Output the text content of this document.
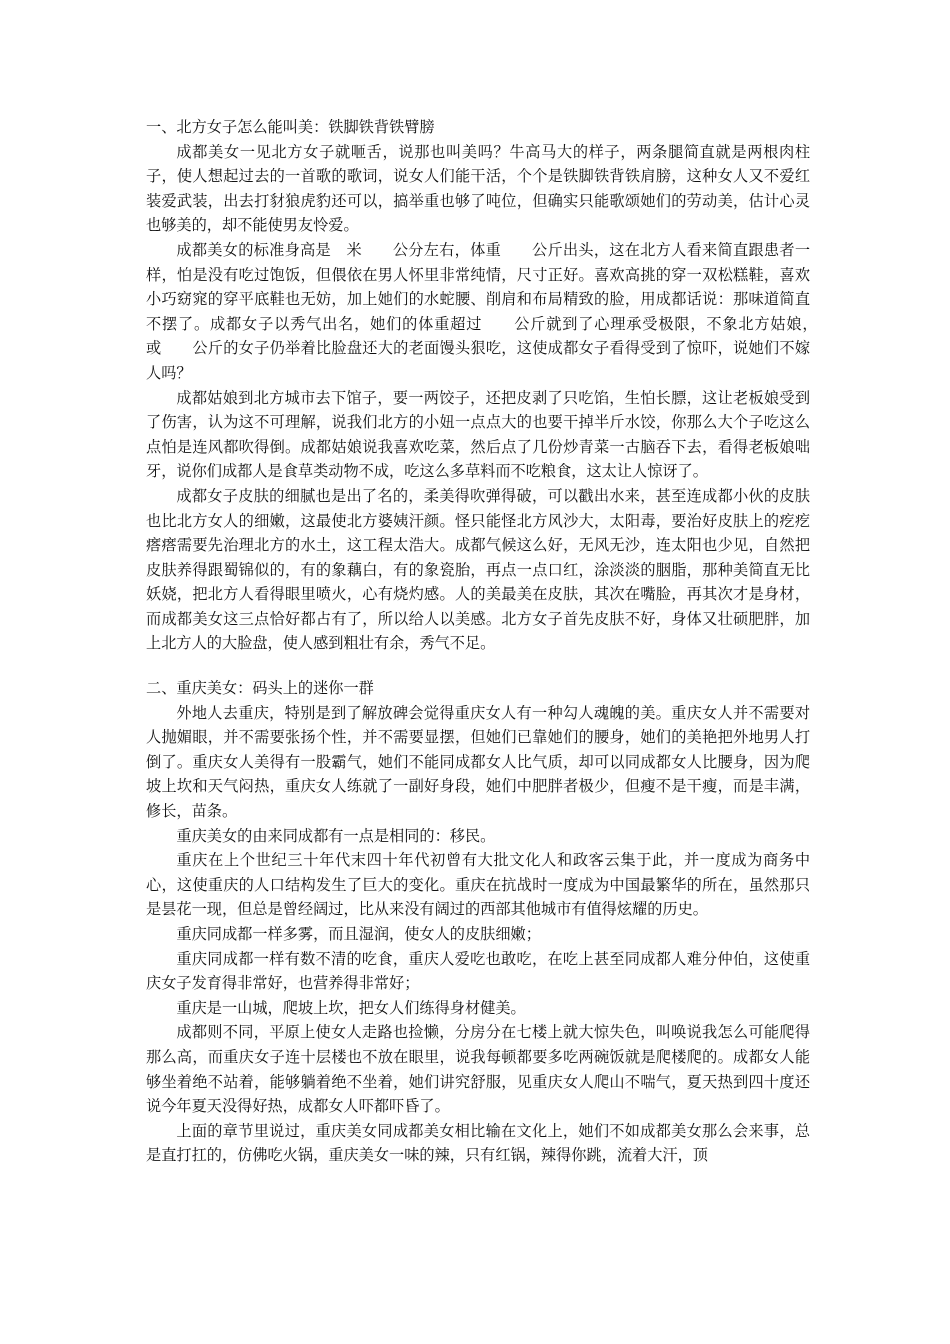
一、北方女子怎么能叫美：铁脚铁背铁臂膀

成都美女一见北方女子就咂舌，说那也叫美吗？牛高马大的样子，两条腿简直就是两根肉柱子，使人想起过去的一首歌的歌词，说女人们能干活，个个是铁脚铁背铁肩膀，这种女人又不爱红装爱武装，出去打豺狼虎豹还可以，搞举重也够了吨位，但确实只能歌颂她们的劳动美，估计心灵也够美的，却不能使男友怜爱。

成都美女的标准身高是　米　　公分左右，体重　　公斤出头，这在北方人看来简直跟患者一样，怕是没有吃过饱饭，但偎依在男人怀里非常纯情，尺寸正好。喜欢高挑的穿一双松糕鞋，喜欢小巧窈窕的穿平底鞋也无妨，加上她们的水蛇腰、削肩和布局精致的脸，用成都话说：那味道简直不摆了。成都女子以秀气出名，她们的体重超过　　公斤就到了心理承受极限，不象北方姑娘，　　或　　公斤的女子仍举着比脸盘还大的老面馒头狠吃，这使成都女子看得受到了惊吓，说她们不嫁人吗？

成都姑娘到北方城市去下馆子，要一两饺子，还把皮剥了只吃馅，生怕长膘，这让老板娘受到了伤害，认为这不可理解，说我们北方的小妞一点点大的也要干掉半斤水饺，你那么大个子吃这么点怕是连风都吹得倒。成都姑娘说我喜欢吃菜，然后点了几份炒青菜一古脑吞下去，看得老板娘咄牙，说你们成都人是食草类动物不成，吃这么多草料而不吃粮食，这太让人惊讶了。

成都女子皮肤的细腻也是出了名的，柔美得吹弹得破，可以戳出水来，甚至连成都小伙的皮肤也比北方女人的细嫩，这最使北方婆姨汗颜。怪只能怪北方风沙大，太阳毒，要治好皮肤上的疙疙瘩瘩需要先治理北方的水土，这工程太浩大。成都气候这么好，无风无沙，连太阳也少见，自然把皮肤养得跟蜀锦似的，有的象藕白，有的象瓷胎，再点一点口红，涂淡淡的胭脂，那种美简直无比妖娆，把北方人看得眼里喷火，心有烧灼感。人的美最美在皮肤，其次在嘴脸，再其次才是身材，而成都美女这三点恰好都占有了，所以给人以美感。北方女子首先皮肤不好，身体又壮硕肥胖，加上北方人的大脸盘，使人感到粗壮有余，秀气不足。

二、重庆美女：码头上的迷你一群

外地人去重庆，特别是到了解放碑会觉得重庆女人有一种勾人魂魄的美。重庆女人并不需要对人抛媚眼，并不需要张扬个性，并不需要显摆，但她们已靠她们的腰身，她们的美艳把外地男人打倒了。重庆女人美得有一股霸气，她们不能同成都女人比气质，却可以同成都女人比腰身，因为爬坡上坎和天气闷热，重庆女人练就了一副好身段，她们中肥胖者极少，但瘦不是干瘦，而是丰满，修长，苗条。

重庆美女的由来同成都有一点是相同的：移民。

重庆在上个世纪三十年代末四十年代初曾有大批文化人和政客云集于此，并一度成为商务中心，这使重庆的人口结构发生了巨大的变化。重庆在抗战时一度成为中国最繁华的所在，虽然那只是昙花一现，但总是曾经阔过，比从来没有阔过的西部其他城市有值得炫耀的历史。

重庆同成都一样多雾，而且湿润，使女人的皮肤细嫩；

重庆同成都一样有数不清的吃食，重庆人爱吃也敢吃，在吃上甚至同成都人难分仲伯，这使重庆女子发育得非常好，也营养得非常好；

重庆是一山城，爬坡上坎，把女人们练得身材健美。

成都则不同，平原上使女人走路也捡懒，分房分在七楼上就大惊失色，叫唤说我怎么可能爬得那么高，而重庆女子连十层楼也不放在眼里，说我每顿都要多吃两碗饭就是爬楼爬的。成都女人能够坐着绝不站着，能够躺着绝不坐着，她们讲究舒服，见重庆女人爬山不喘气，夏天热到四十度还说今年夏天没得好热，成都女人吓都吓昏了。

上面的章节里说过，重庆美女同成都美女相比输在文化上，她们不如成都美女那么会来事，总是直打扛的，仿佛吃火锅，重庆美女一味的辣，只有红锅，辣得你跳，流着大汗，顶
